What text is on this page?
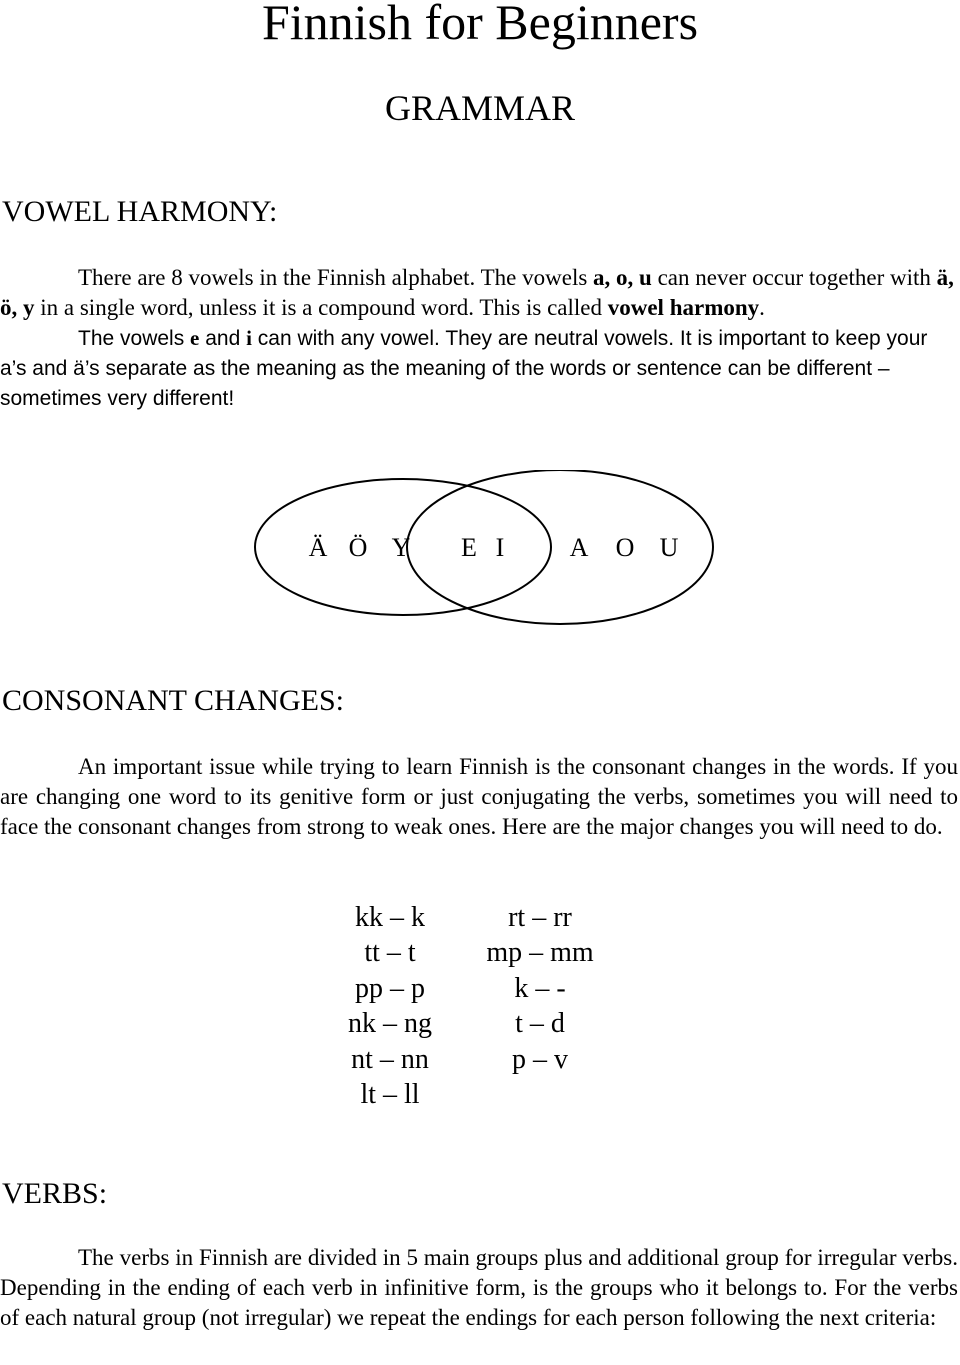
Finnish for Beginners
GRAMMAR
VOWEL HARMONY:

There are 8 vowels in the Finnish alphabet. The vowels a, o, u can never occur together with ä, ö, y in a single word, unless it is a compound word. This is called vowel harmony.

The vowels e and i can with any vowel. They are neutral vowels. It is important to keep your a’s and ä’s separate as the meaning as the meaning of the words or sentence can be different – sometimes very different!

Ä Ö Y E I	A O U
CONSONANT CHANGES:

An important issue while trying to learn Finnish is the consonant changes in the words. If you are changing one word to its genitive form or just conjugating the verbs, sometimes you will need to face the consonant changes from strong to weak ones. Here are the major changes you will need to do.

kk – k
tt – t
pp – p
nk – ng
nt – nn
lt – ll
rt – rr
mp – mm
k – -
t – d
p – v
VERBS:

The verbs in Finnish are divided in 5 main groups plus and additional group for irregular verbs. Depending in the ending of each verb in infinitive form, is the groups who it belongs to. For the verbs of each natural group (not irregular) we repeat the endings for each person following the next criteria:
